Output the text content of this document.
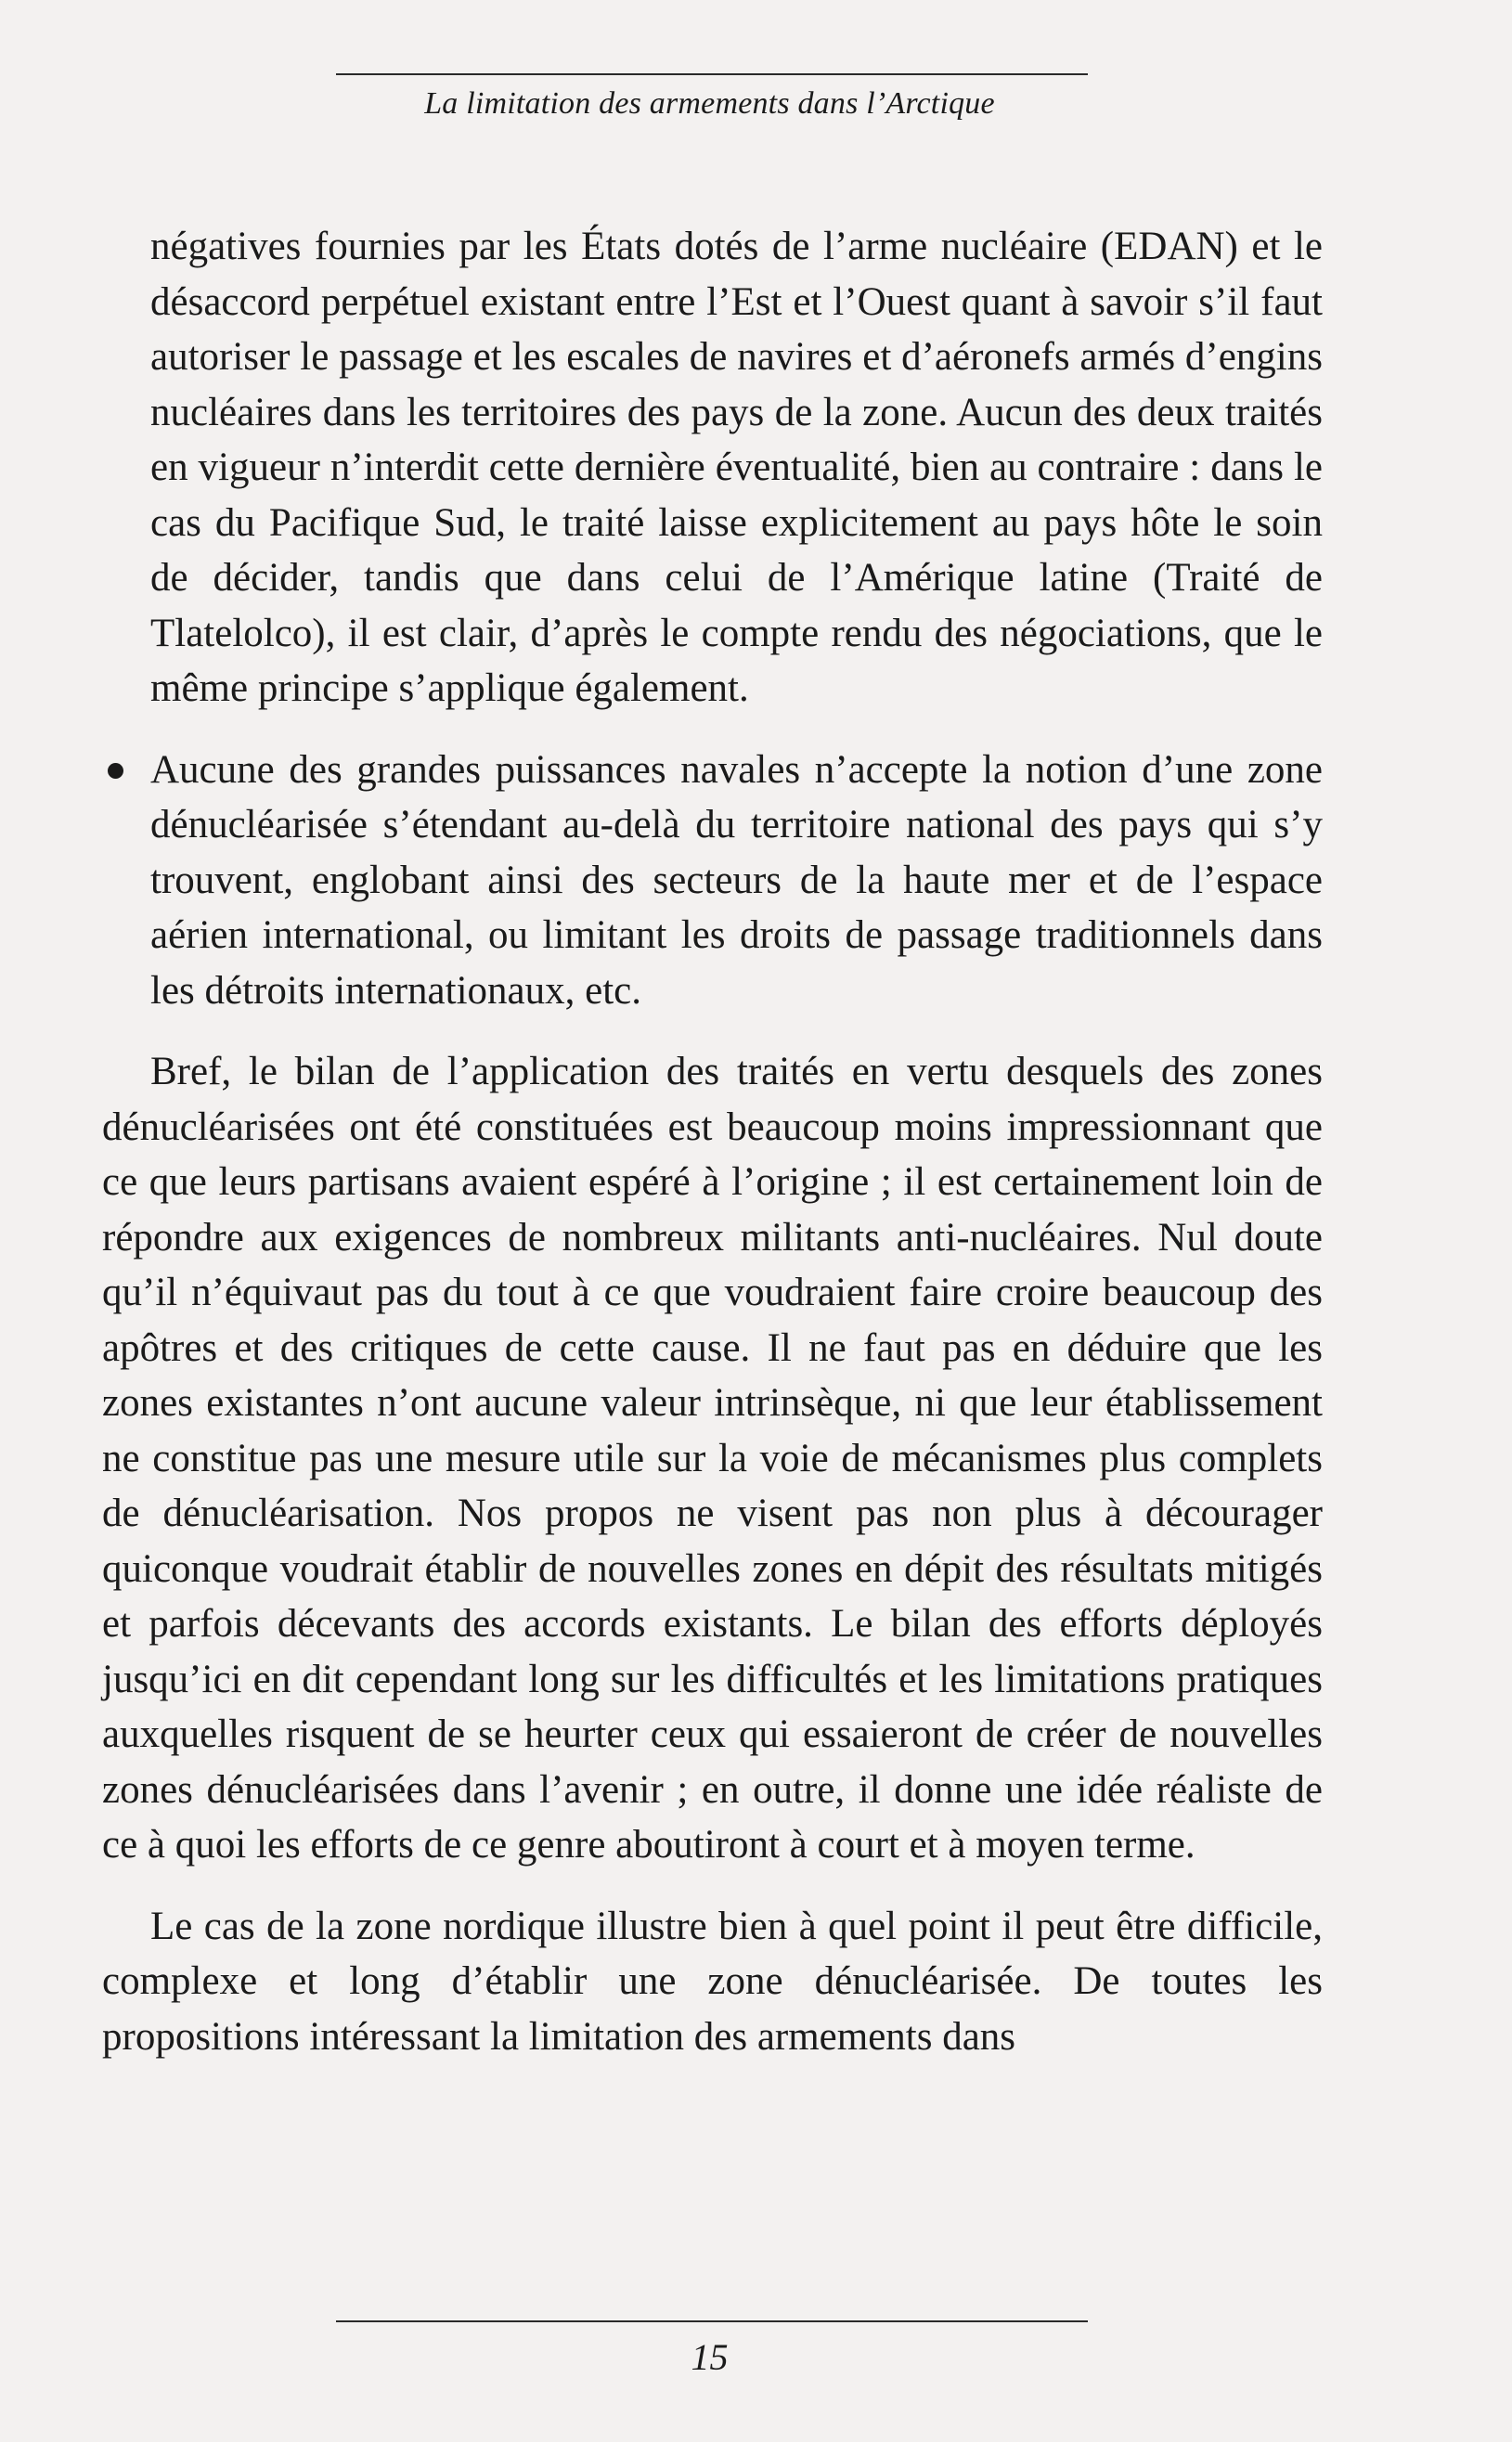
La limitation des armements dans l’Arctique

négatives fournies par les États dotés de l’arme nucléaire (EDAN) et le désaccord perpétuel existant entre l’Est et l’Ouest quant à savoir s’il faut autoriser le passage et les escales de navires et d’aéronefs armés d’engins nucléaires dans les territoires des pays de la zone. Aucun des deux traités en vigueur n’interdit cette dernière éventualité, bien au contraire : dans le cas du Pacifique Sud, le traité laisse explicitement au pays hôte le soin de décider, tandis que dans celui de l’Amérique latine (Traité de Tlatelolco), il est clair, d’après le compte rendu des négociations, que le même principe s’applique également.

Aucune des grandes puissances navales n’accepte la notion d’une zone dénucléarisée s’étendant au-delà du territoire national des pays qui s’y trouvent, englobant ainsi des secteurs de la haute mer et de l’espace aérien international, ou limitant les droits de passage traditionnels dans les détroits internationaux, etc.

Bref, le bilan de l’application des traités en vertu desquels des zones dénucléarisées ont été constituées est beaucoup moins impressionnant que ce que leurs partisans avaient espéré à l’origine ; il est certainement loin de répondre aux exigences de nombreux militants anti-nucléaires. Nul doute qu’il n’équivaut pas du tout à ce que voudraient faire croire beaucoup des apôtres et des critiques de cette cause. Il ne faut pas en déduire que les zones existantes n’ont aucune valeur intrinsèque, ni que leur établissement ne constitue pas une mesure utile sur la voie de mécanismes plus complets de dénucléarisation. Nos propos ne visent pas non plus à décourager quiconque voudrait établir de nouvelles zones en dépit des résultats mitigés et parfois décevants des accords existants. Le bilan des efforts déployés jusqu’ici en dit cependant long sur les difficultés et les limitations pratiques auxquelles risquent de se heurter ceux qui essaieront de créer de nouvelles zones dénucléarisées dans l’avenir ; en outre, il donne une idée réaliste de ce à quoi les efforts de ce genre aboutiront à court et à moyen terme.

Le cas de la zone nordique illustre bien à quel point il peut être difficile, complexe et long d’établir une zone dénucléarisée. De toutes les propositions intéressant la limitation des armements dans

15
